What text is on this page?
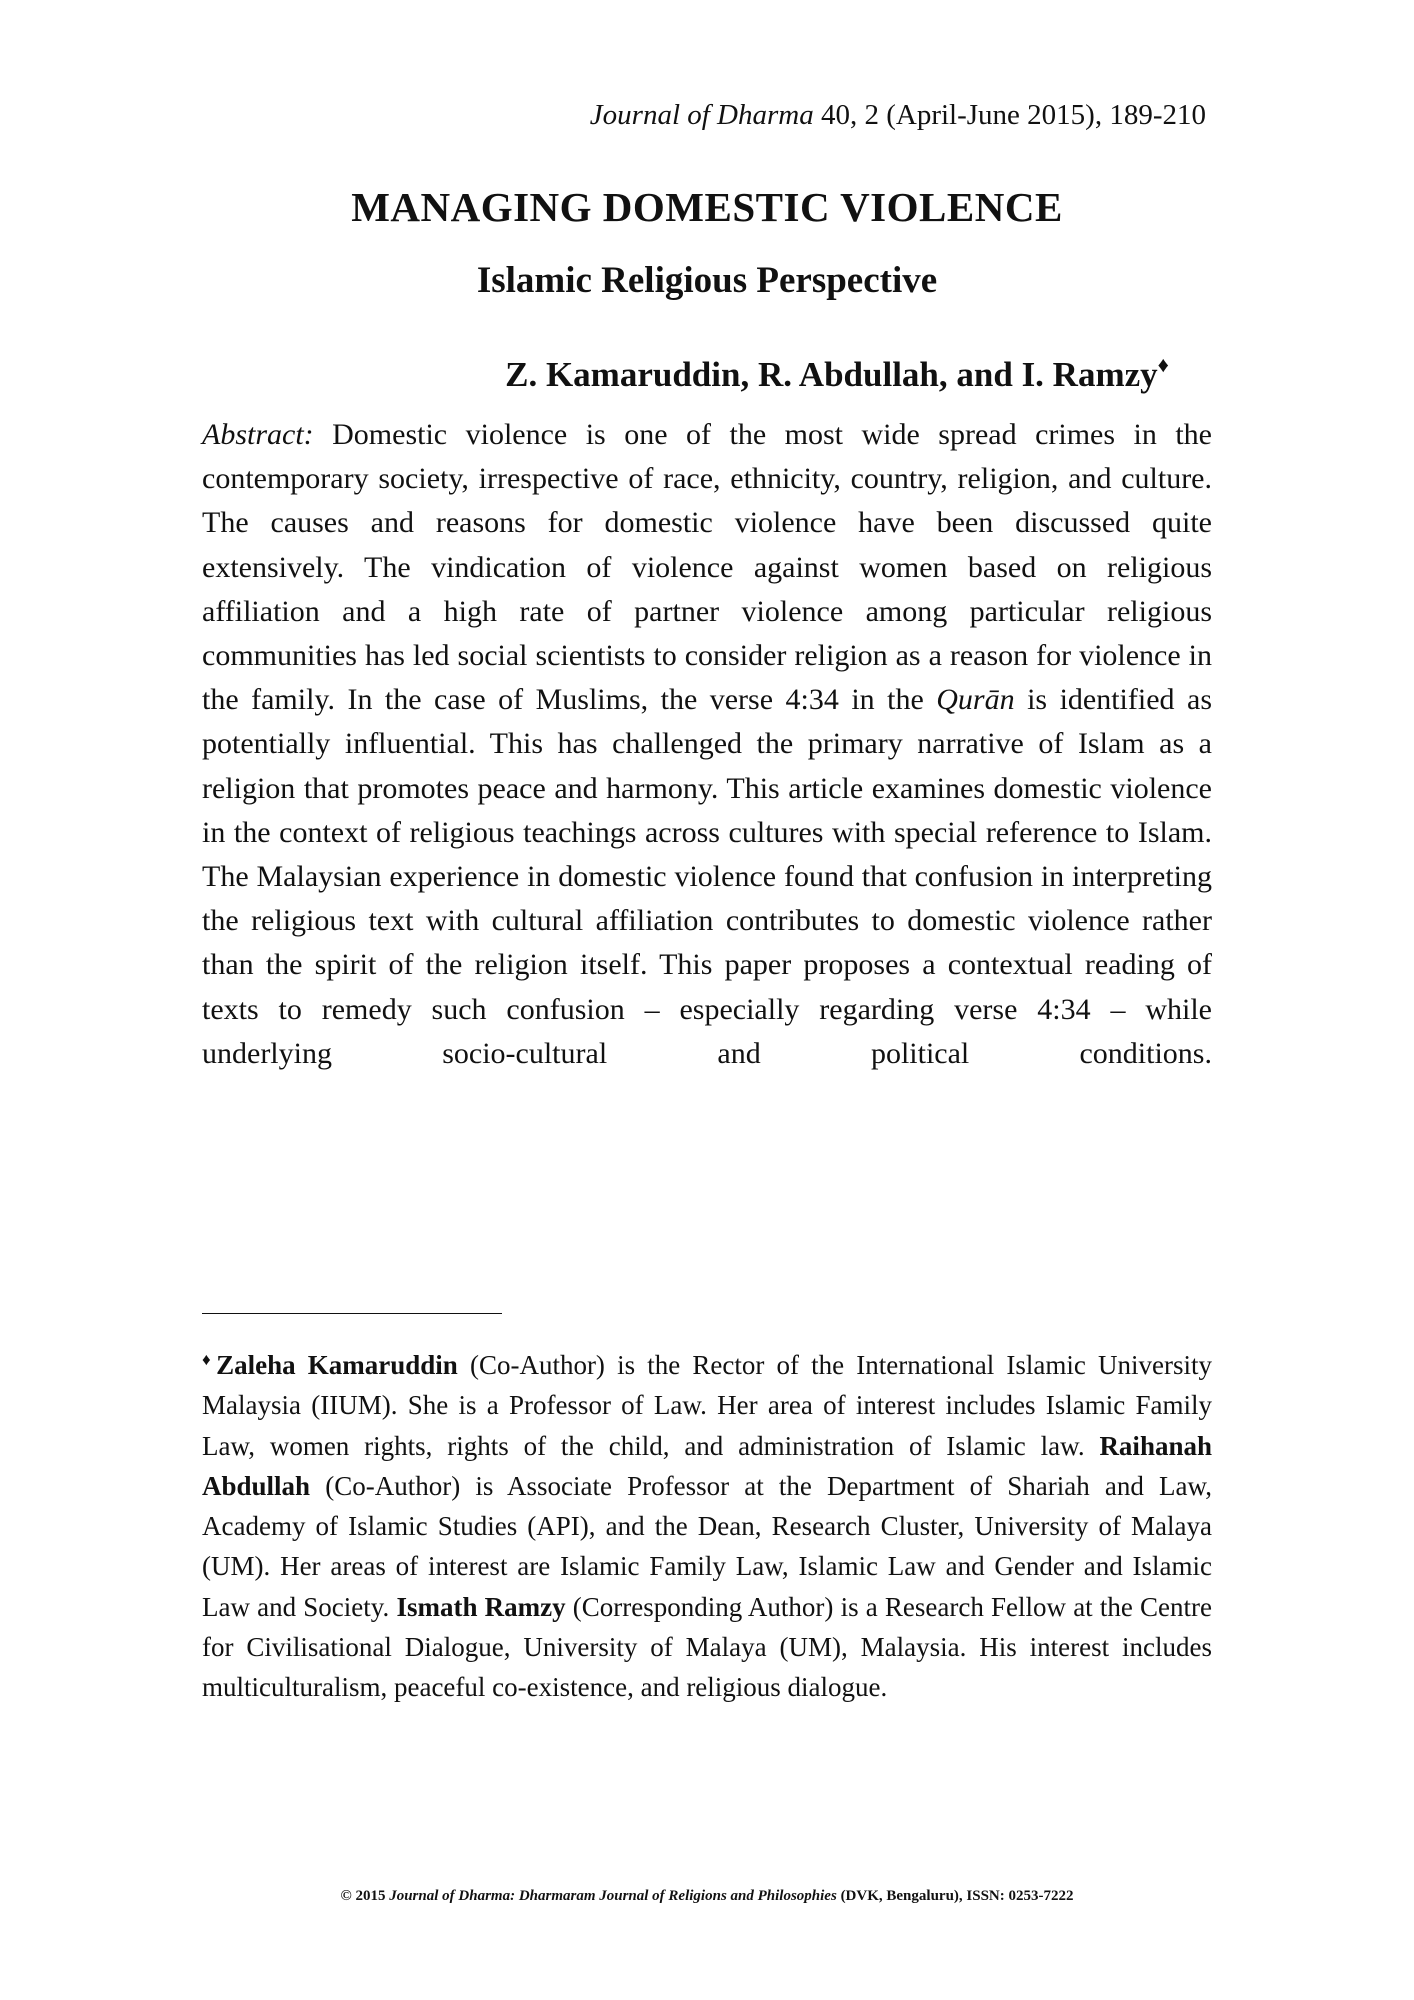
Journal of Dharma 40, 2 (April-June 2015), 189-210
MANAGING DOMESTIC VIOLENCE
Islamic Religious Perspective
Z. Kamaruddin, R. Abdullah, and I. Ramzy♦

Abstract: Domestic violence is one of the most wide spread crimes in the contemporary society, irrespective of race, ethnicity, country, religion, and culture. The causes and reasons for domestic violence have been discussed quite extensively. The vindication of violence against women based on religious affiliation and a high rate of partner violence among particular religious communities has led social scientists to consider religion as a reason for violence in the family. In the case of Muslims, the verse 4:34 in the Qurān is identified as potentially influential. This has challenged the primary narrative of Islam as a religion that promotes peace and harmony. This article examines domestic violence in the context of religious teachings across cultures with special reference to Islam. The Malaysian experience in domestic violence found that confusion in interpreting the religious text with cultural affiliation contributes to domestic violence rather than the spirit of the religion itself. This paper proposes a contextual reading of texts to remedy such confusion – especially regarding verse 4:34 – while underlying socio-cultural and political conditions.

♦Zaleha Kamaruddin (Co-Author) is the Rector of the International Islamic University Malaysia (IIUM). She is a Professor of Law. Her area of interest includes Islamic Family Law, women rights, rights of the child, and administration of Islamic law. Raihanah Abdullah (Co-Author) is Associate Professor at the Department of Shariah and Law, Academy of Islamic Studies (API), and the Dean, Research Cluster, University of Malaya (UM). Her areas of interest are Islamic Family Law, Islamic Law and Gender and Islamic Law and Society. Ismath Ramzy (Corresponding Author) is a Research Fellow at the Centre for Civilisational Dialogue, University of Malaya (UM), Malaysia. His interest includes multiculturalism, peaceful co-existence, and religious dialogue.

© 2015 Journal of Dharma: Dharmaram Journal of Religions and Philosophies (DVK, Bengaluru), ISSN: 0253-7222
